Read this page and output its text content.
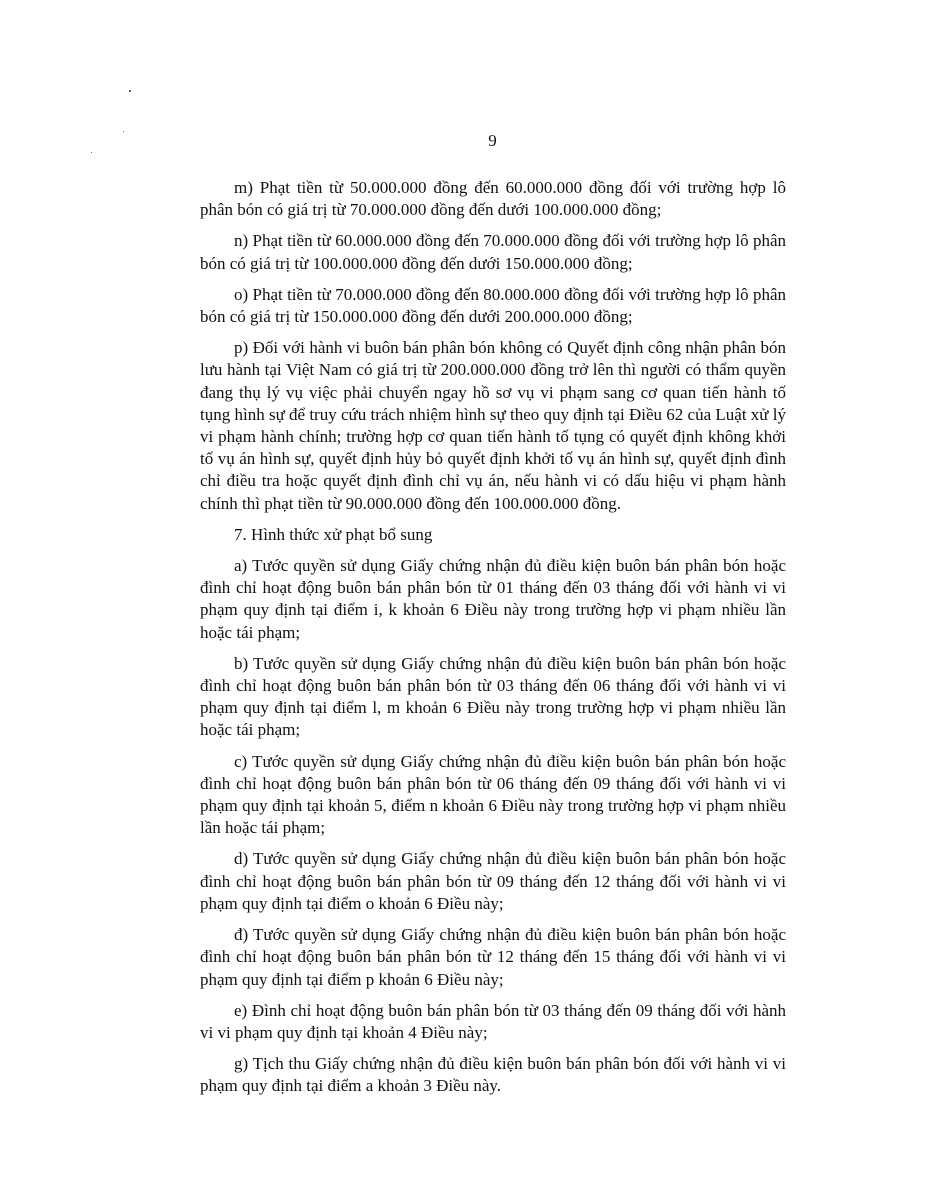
9

m) Phạt tiền từ 50.000.000 đồng đến 60.000.000 đồng đối với trường hợp lô phân bón có giá trị từ 70.000.000 đồng đến dưới 100.000.000 đồng;

n) Phạt tiền từ 60.000.000 đồng đến 70.000.000 đồng đối với trường hợp lô phân bón có giá trị từ 100.000.000 đồng đến dưới 150.000.000 đồng;

o) Phạt tiền từ 70.000.000 đồng đến 80.000.000 đồng đối với trường hợp lô phân bón có giá trị từ 150.000.000 đồng đến dưới 200.000.000 đồng;

p) Đối với hành vi buôn bán phân bón không có Quyết định công nhận phân bón lưu hành tại Việt Nam có giá trị từ 200.000.000 đồng trở lên thì người có thẩm quyền đang thụ lý vụ việc phải chuyển ngay hồ sơ vụ vi phạm sang cơ quan tiến hành tố tụng hình sự để truy cứu trách nhiệm hình sự theo quy định tại Điều 62 của Luật xử lý vi phạm hành chính; trường hợp cơ quan tiến hành tố tụng có quyết định không khởi tố vụ án hình sự, quyết định hủy bỏ quyết định khởi tố vụ án hình sự, quyết định đình chỉ điều tra hoặc quyết định đình chỉ vụ án, nếu hành vi có dấu hiệu vi phạm hành chính thì phạt tiền từ 90.000.000 đồng đến 100.000.000 đồng.

7. Hình thức xử phạt bổ sung

a) Tước quyền sử dụng Giấy chứng nhận đủ điều kiện buôn bán phân bón hoặc đình chỉ hoạt động buôn bán phân bón từ 01 tháng đến 03 tháng đối với hành vi vi phạm quy định tại điểm i, k khoản 6 Điều này trong trường hợp vi phạm nhiều lần hoặc tái phạm;

b) Tước quyền sử dụng Giấy chứng nhận đủ điều kiện buôn bán phân bón hoặc đình chỉ hoạt động buôn bán phân bón từ 03 tháng đến 06 tháng đối với hành vi vi phạm quy định tại điểm l, m khoản 6 Điều này trong trường hợp vi phạm nhiều lần hoặc tái phạm;

c) Tước quyền sử dụng Giấy chứng nhận đủ điều kiện buôn bán phân bón hoặc đình chỉ hoạt động buôn bán phân bón từ 06 tháng đến 09 tháng đối với hành vi vi phạm quy định tại khoản 5, điểm n khoản 6 Điều này trong trường hợp vi phạm nhiều lần hoặc tái phạm;

d) Tước quyền sử dụng Giấy chứng nhận đủ điều kiện buôn bán phân bón hoặc đình chỉ hoạt động buôn bán phân bón từ 09 tháng đến 12 tháng đối với hành vi vi phạm quy định tại điểm o khoản 6 Điều này;

đ) Tước quyền sử dụng Giấy chứng nhận đủ điều kiện buôn bán phân bón hoặc đình chỉ hoạt động buôn bán phân bón từ 12 tháng đến 15 tháng đối với hành vi vi phạm quy định tại điểm p khoản 6 Điều này;

e) Đình chỉ hoạt động buôn bán phân bón từ 03 tháng đến 09 tháng đối với hành vi vi phạm quy định tại khoản 4 Điều này;

g) Tịch thu Giấy chứng nhận đủ điều kiện buôn bán phân bón đối với hành vi vi phạm quy định tại điểm a khoản 3 Điều này.
